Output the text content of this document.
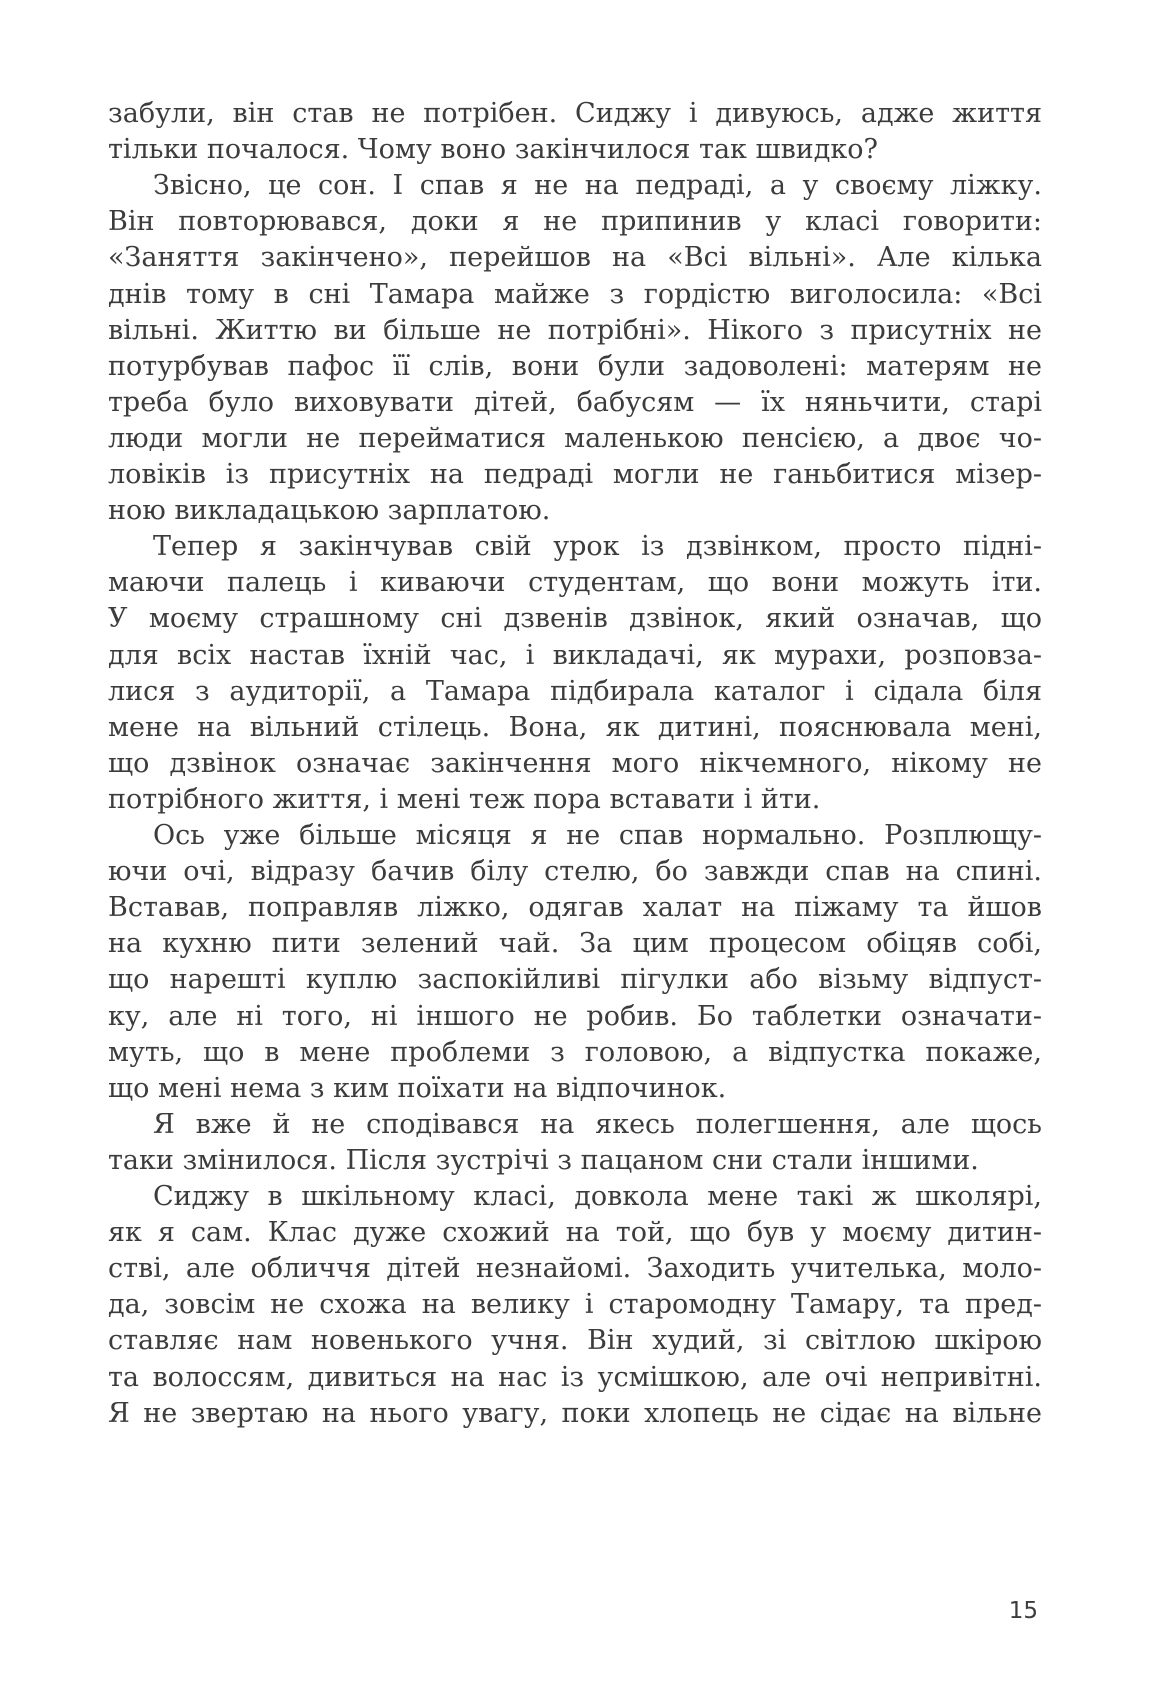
забули, він став не потрібен. Сиджу і дивуюсь, адже життя
тільки почалося. Чому воно закінчилося так швидко?
Звісно, це сон. І спав я не на педраді, а у своєму ліжку.
Він повторювався, доки я не припинив у класі говорити:
«Заняття закінчено», перейшов на «Всі вільні». Але кілька
днів тому в сні Тамара майже з гордістю виголосила: «Всі
вільні. Життю ви більше не потрібні». Нікого з присутніх не
потурбував пафос її слів, вони були задоволені: матерям не
треба було виховувати дітей, бабусям — їх няньчити, старі
люди могли не перейматися маленькою пенсією, а двоє чо-
ловіків із присутніх на педраді могли не ганьбитися мізер-
ною викладацькою зарплатою.
Тепер я закінчував свій урок із дзвінком, просто підні-
маючи палець і киваючи студентам, що вони можуть іти.
У моєму страшному сні дзвенів дзвінок, який означав, що
для всіх настав їхній час, і викладачі, як мурахи, розповза-
лися з аудиторії, а Тамара підбирала каталог і сідала біля
мене на вільний стілець. Вона, як дитині, пояснювала мені,
що дзвінок означає закінчення мого нікчемного, нікому не
потрібного життя, і мені теж пора вставати і йти.
Ось уже більше місяця я не спав нормально. Розплющу-
ючи очі, відразу бачив білу стелю, бо завжди спав на спині.
Вставав, поправляв ліжко, одягав халат на піжаму та йшов
на кухню пити зелений чай. За цим процесом обіцяв собі,
що нарешті куплю заспокійливі пігулки або візьму відпуст-
ку, але ні того, ні іншого не робив. Бо таблетки означати-
муть, що в мене проблеми з головою, а відпустка покаже,
що мені нема з ким поїхати на відпочинок.
Я вже й не сподівався на якесь полегшення, але щось
таки змінилося. Після зустрічі з пацаном сни стали іншими.
Сиджу в шкільному класі, довкола мене такі ж школярі,
як я сам. Клас дуже схожий на той, що був у моєму дитин-
стві, але обличчя дітей незнайомі. Заходить учителька, моло-
да, зовсім не схожа на велику і старомодну Тамару, та пред-
ставляє нам новенького учня. Він худий, зі світлою шкірою
та волоссям, дивиться на нас із усмішкою, але очі непривітні.
Я не звертаю на нього увагу, поки хлопець не сідає на вільне
15
